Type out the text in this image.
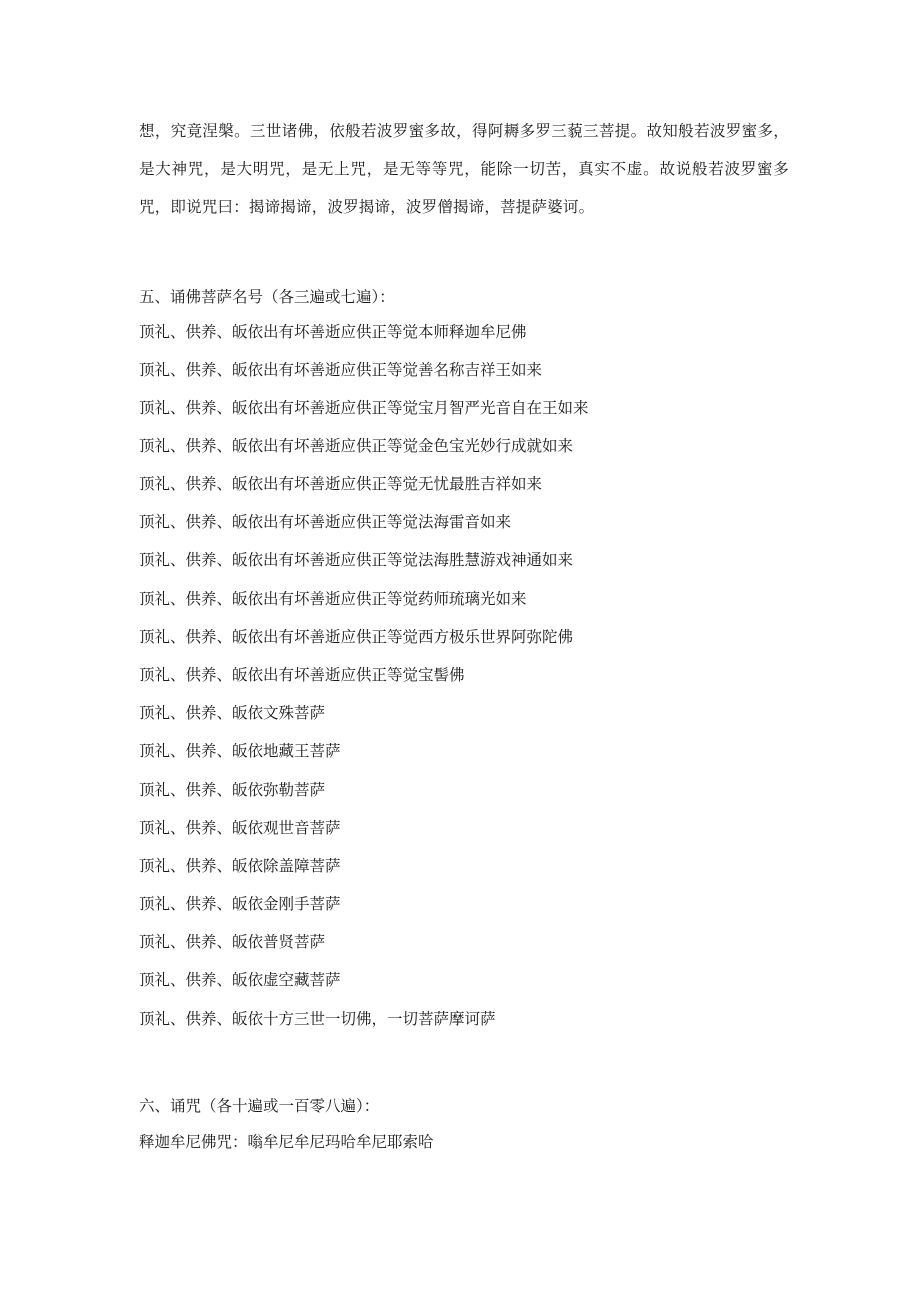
想，究竟涅槃。三世诸佛，依般若波罗蜜多故，得阿耨多罗三藐三菩提。故知般若波罗蜜多，是大神咒，是大明咒，是无上咒，是无等等咒，能除一切苦，真实不虚。故说般若波罗蜜多咒，即说咒曰：揭谛揭谛，波罗揭谛，波罗僧揭谛，菩提萨婆诃。

五、诵佛菩萨名号（各三遍或七遍）：

顶礼、供养、皈依出有坏善逝应供正等觉本师释迦牟尼佛

顶礼、供养、皈依出有坏善逝应供正等觉善名称吉祥王如来

顶礼、供养、皈依出有坏善逝应供正等觉宝月智严光音自在王如来

顶礼、供养、皈依出有坏善逝应供正等觉金色宝光妙行成就如来

顶礼、供养、皈依出有坏善逝应供正等觉无忧最胜吉祥如来

顶礼、供养、皈依出有坏善逝应供正等觉法海雷音如来

顶礼、供养、皈依出有坏善逝应供正等觉法海胜慧游戏神通如来

顶礼、供养、皈依出有坏善逝应供正等觉药师琉璃光如来

顶礼、供养、皈依出有坏善逝应供正等觉西方极乐世界阿弥陀佛

顶礼、供养、皈依出有坏善逝应供正等觉宝髻佛

顶礼、供养、皈依文殊菩萨

顶礼、供养、皈依地藏王菩萨

顶礼、供养、皈依弥勒菩萨

顶礼、供养、皈依观世音菩萨

顶礼、供养、皈依除盖障菩萨

顶礼、供养、皈依金刚手菩萨

顶礼、供养、皈依普贤菩萨

顶礼、供养、皈依虚空藏菩萨

顶礼、供养、皈依十方三世一切佛，一切菩萨摩诃萨

六、诵咒（各十遍或一百零八遍）：

释迦牟尼佛咒：嗡牟尼牟尼玛哈牟尼耶索哈
